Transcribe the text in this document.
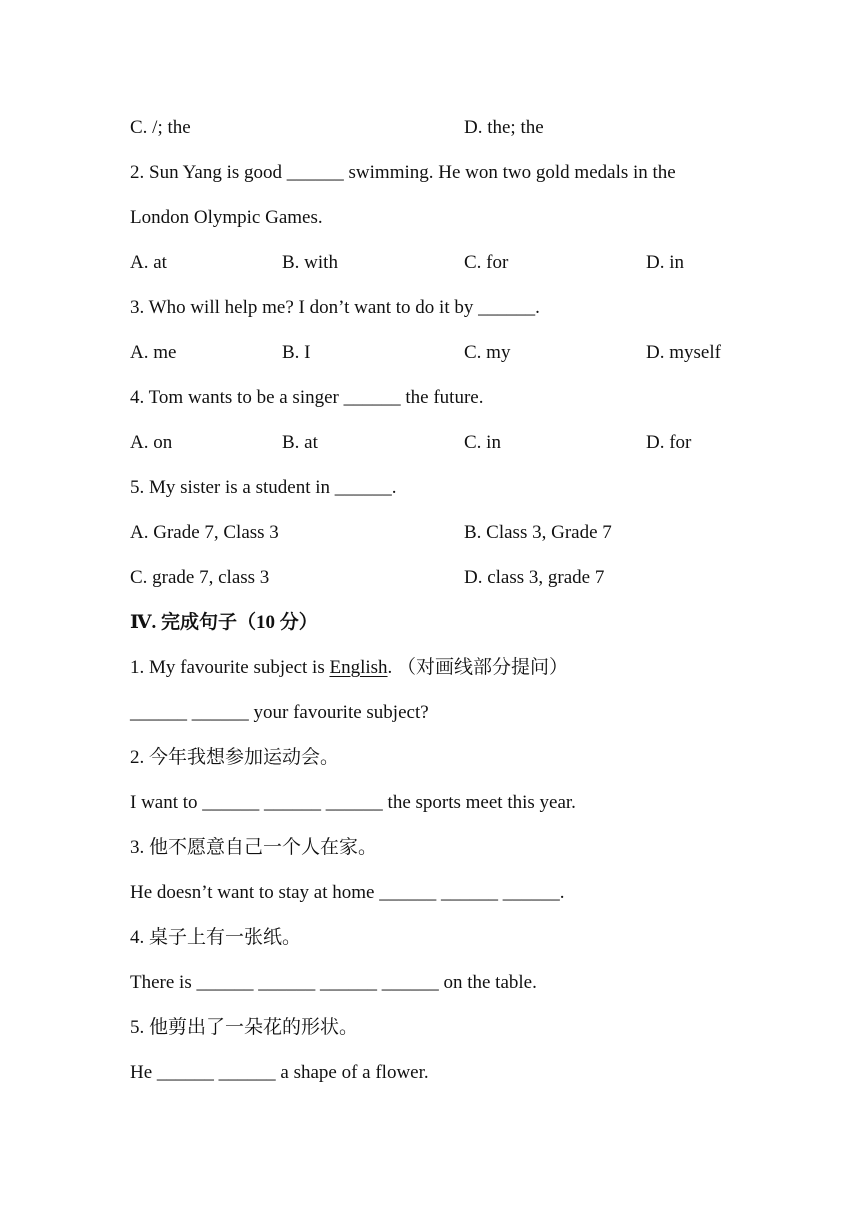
C. /; the	D. the; the
2. Sun Yang is good ______ swimming. He won two gold medals in the
London Olympic Games.
A. at	B. with	C. for	D. in
3. Who will help me? I don’t want to do it by ______.
A. me	B. I	C. my	D. myself
4. Tom wants to be a singer ______ the future.
A. on	B. at	C. in	D. for
5. My sister is a student in ______.
A. Grade 7, Class 3	B. Class 3, Grade 7
C. grade 7, class 3	D. class 3, grade 7
Ⅳ. 完成句子（10 分）
1. My favourite subject is English. （对画线部分提问）
______ ______ your favourite subject?
2. 今年我想参加运动会。
I want to ______ ______ ______ the sports meet this year.
3. 他不愿意自己一个人在家。
He doesn’t want to stay at home ______ ______ ______.
4. 桌子上有一张纸。
There is ______ ______ ______ ______ on the table.
5. 他剪出了一朵花的形状。
He ______ ______ a shape of a flower.
